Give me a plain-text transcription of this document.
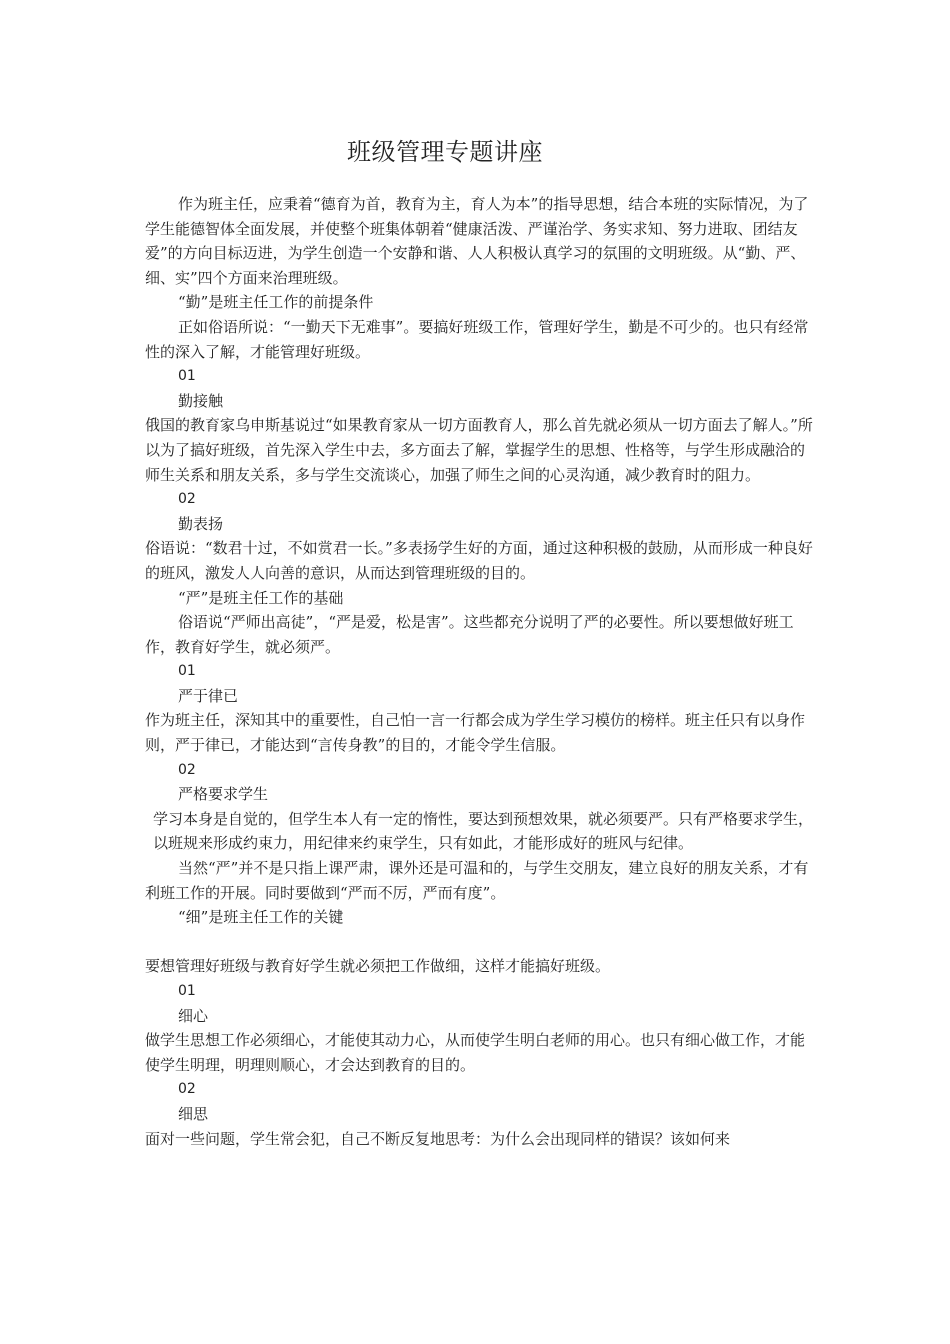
班级管理专题讲座

作为班主任，应秉着“德育为首，教育为主，育人为本”的指导思想，结合本班的实际情况，为了学生能德智体全面发展，并使整个班集体朝着“健康活泼、严谨治学、务实求知、努力进取、团结友爱”的方向目标迈进，为学生创造一个安静和谐、人人积极认真学习的氛围的文明班级。从“勤、严、细、实”四个方面来治理班级。

“勤”是班主任工作的前提条件

正如俗语所说：“一勤天下无难事”。要搞好班级工作，管理好学生，勤是不可少的。也只有经常性的深入了解，才能管理好班级。

01

勤接触

俄国的教育家乌申斯基说过“如果教育家从一切方面教育人，那么首先就必须从一切方面去了解人。”所以为了搞好班级，首先深入学生中去，多方面去了解，掌握学生的思想、性格等，与学生形成融洽的师生关系和朋友关系，多与学生交流谈心，加强了师生之间的心灵沟通，减少教育时的阻力。

02

勤表扬

俗语说：“数君十过，不如赏君一长。”多表扬学生好的方面，通过这种积极的鼓励，从而形成一种良好的班风，激发人人向善的意识，从而达到管理班级的目的。

“严”是班主任工作的基础

俗语说“严师出高徒”，“严是爱，松是害”。这些都充分说明了严的必要性。所以要想做好班工作，教育好学生，就必须严。

01

严于律已

作为班主任，深知其中的重要性，自己怕一言一行都会成为学生学习模仿的榜样。班主任只有以身作则，严于律已，才能达到“言传身教”的目的，才能令学生信服。

02

严格要求学生

学习本身是自觉的，但学生本人有一定的惰性，要达到预想效果，就必须要严。只有严格要求学生，以班规来形成约束力，用纪律来约束学生，只有如此，才能形成好的班风与纪律。

当然“严”并不是只指上课严肃，课外还是可温和的，与学生交朋友，建立良好的朋友关系，才有利班工作的开展。同时要做到“严而不厉，严而有度”。

“细”是班主任工作的关键

要想管理好班级与教育好学生就必须把工作做细，这样才能搞好班级。

01

细心

做学生思想工作必须细心，才能使其动力心，从而使学生明白老师的用心。也只有细心做工作，才能使学生明理，明理则顺心，才会达到教育的目的。

02

细思

面对一些问题，学生常会犯，自己不断反复地思考：为什么会出现同样的错误？该如何来
